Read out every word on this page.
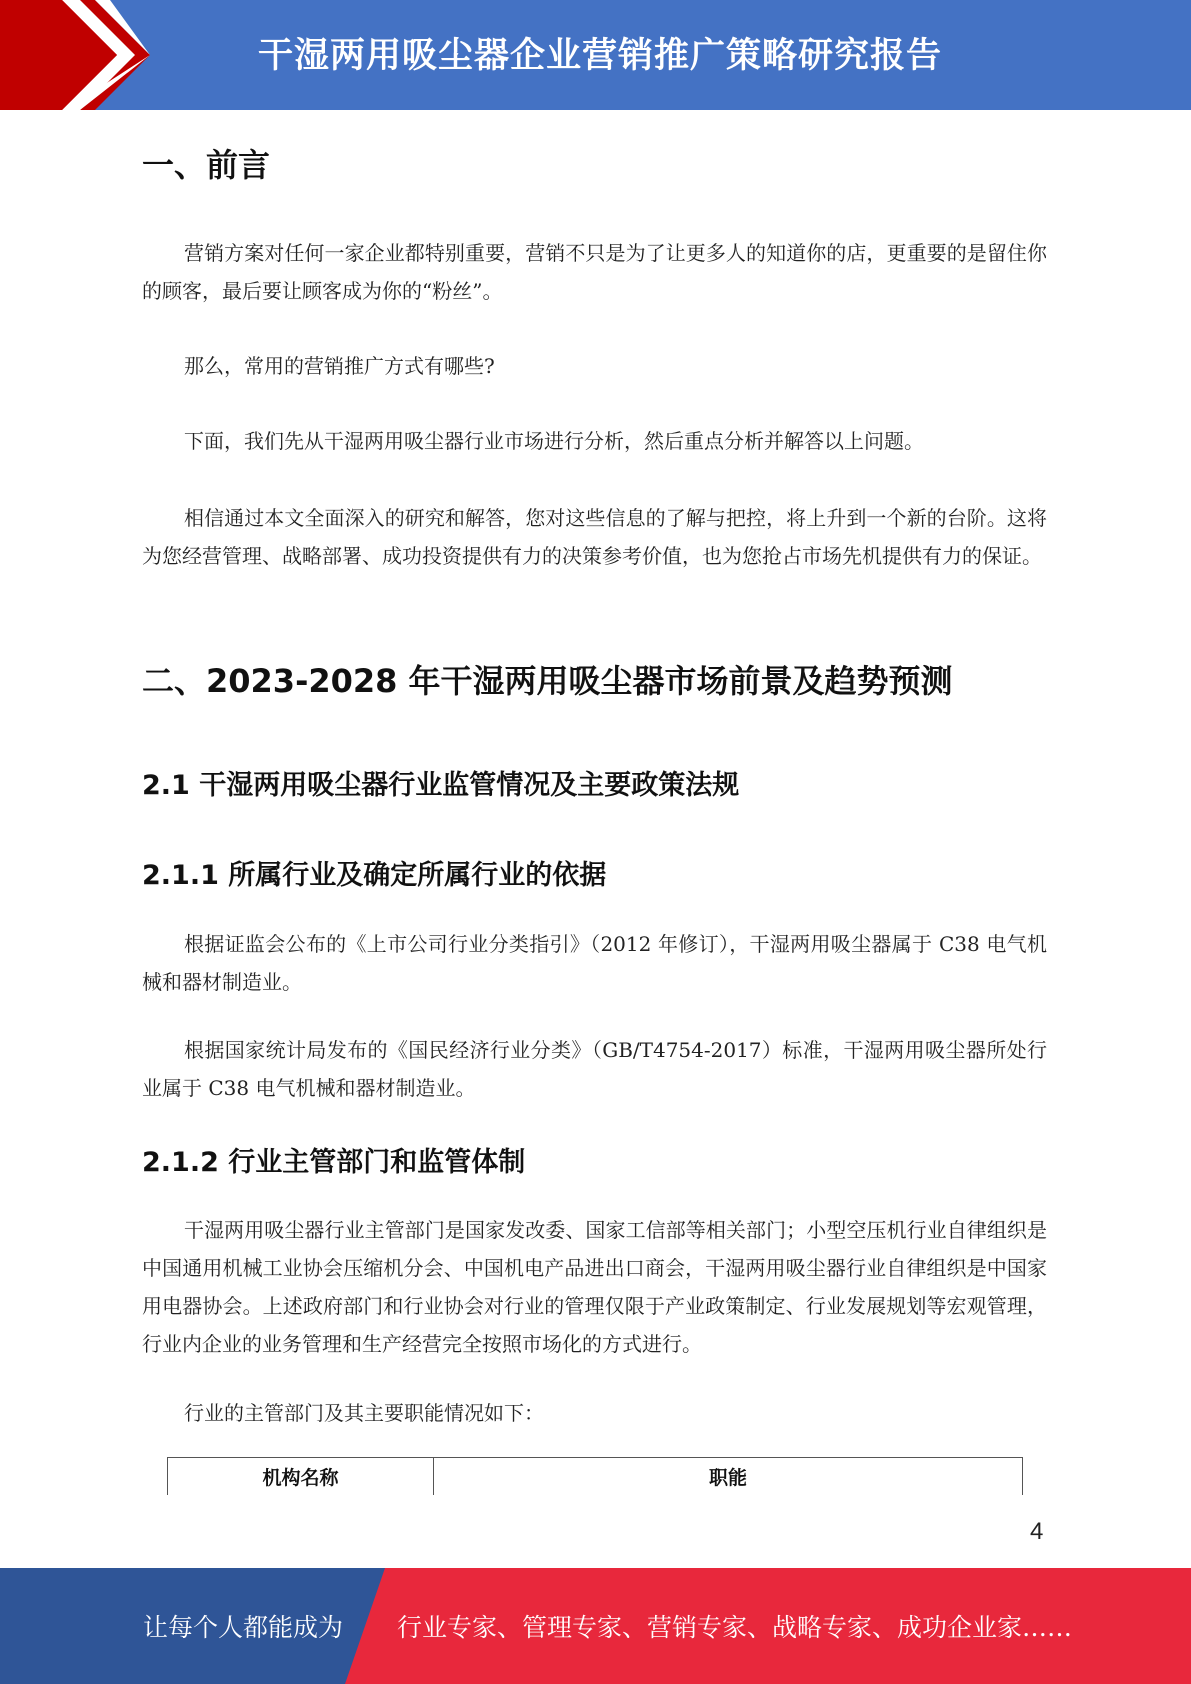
干湿两用吸尘器企业营销推广策略研究报告
一、前言
营销方案对任何一家企业都特别重要，营销不只是为了让更多人的知道你的店，更重要的是留住你的顾客，最后要让顾客成为你的“粉丝”。
那么，常用的营销推广方式有哪些?
下面，我们先从干湿两用吸尘器行业市场进行分析，然后重点分析并解答以上问题。
相信通过本文全面深入的研究和解答，您对这些信息的了解与把控，将上升到一个新的台阶。这将为您经营管理、战略部署、成功投资提供有力的决策参考价值，也为您抢占市场先机提供有力的保证。
二、2023-2028 年干湿两用吸尘器市场前景及趋势预测
2.1 干湿两用吸尘器行业监管情况及主要政策法规
2.1.1 所属行业及确定所属行业的依据
根据证监会公布的《上市公司行业分类指引》（2012 年修订），干湿两用吸尘器属于 C38 电气机械和器材制造业。
根据国家统计局发布的《国民经济行业分类》（GB/T4754-2017）标准，干湿两用吸尘器所处行业属于 C38 电气机械和器材制造业。
2.1.2 行业主管部门和监管体制
干湿两用吸尘器行业主管部门是国家发改委、国家工信部等相关部门；小型空压机行业自律组织是中国通用机械工业协会压缩机分会、中国机电产品进出口商会，干湿两用吸尘器行业自律组织是中国家用电器协会。上述政府部门和行业协会对行业的管理仅限于产业政策制定、行业发展规划等宏观管理，行业内企业的业务管理和生产经营完全按照市场化的方式进行。
行业的主管部门及其主要职能情况如下：
机构名称	职能
4
让每个人都能成为 行业专家、管理专家、营销专家、战略专家、成功企业家……
